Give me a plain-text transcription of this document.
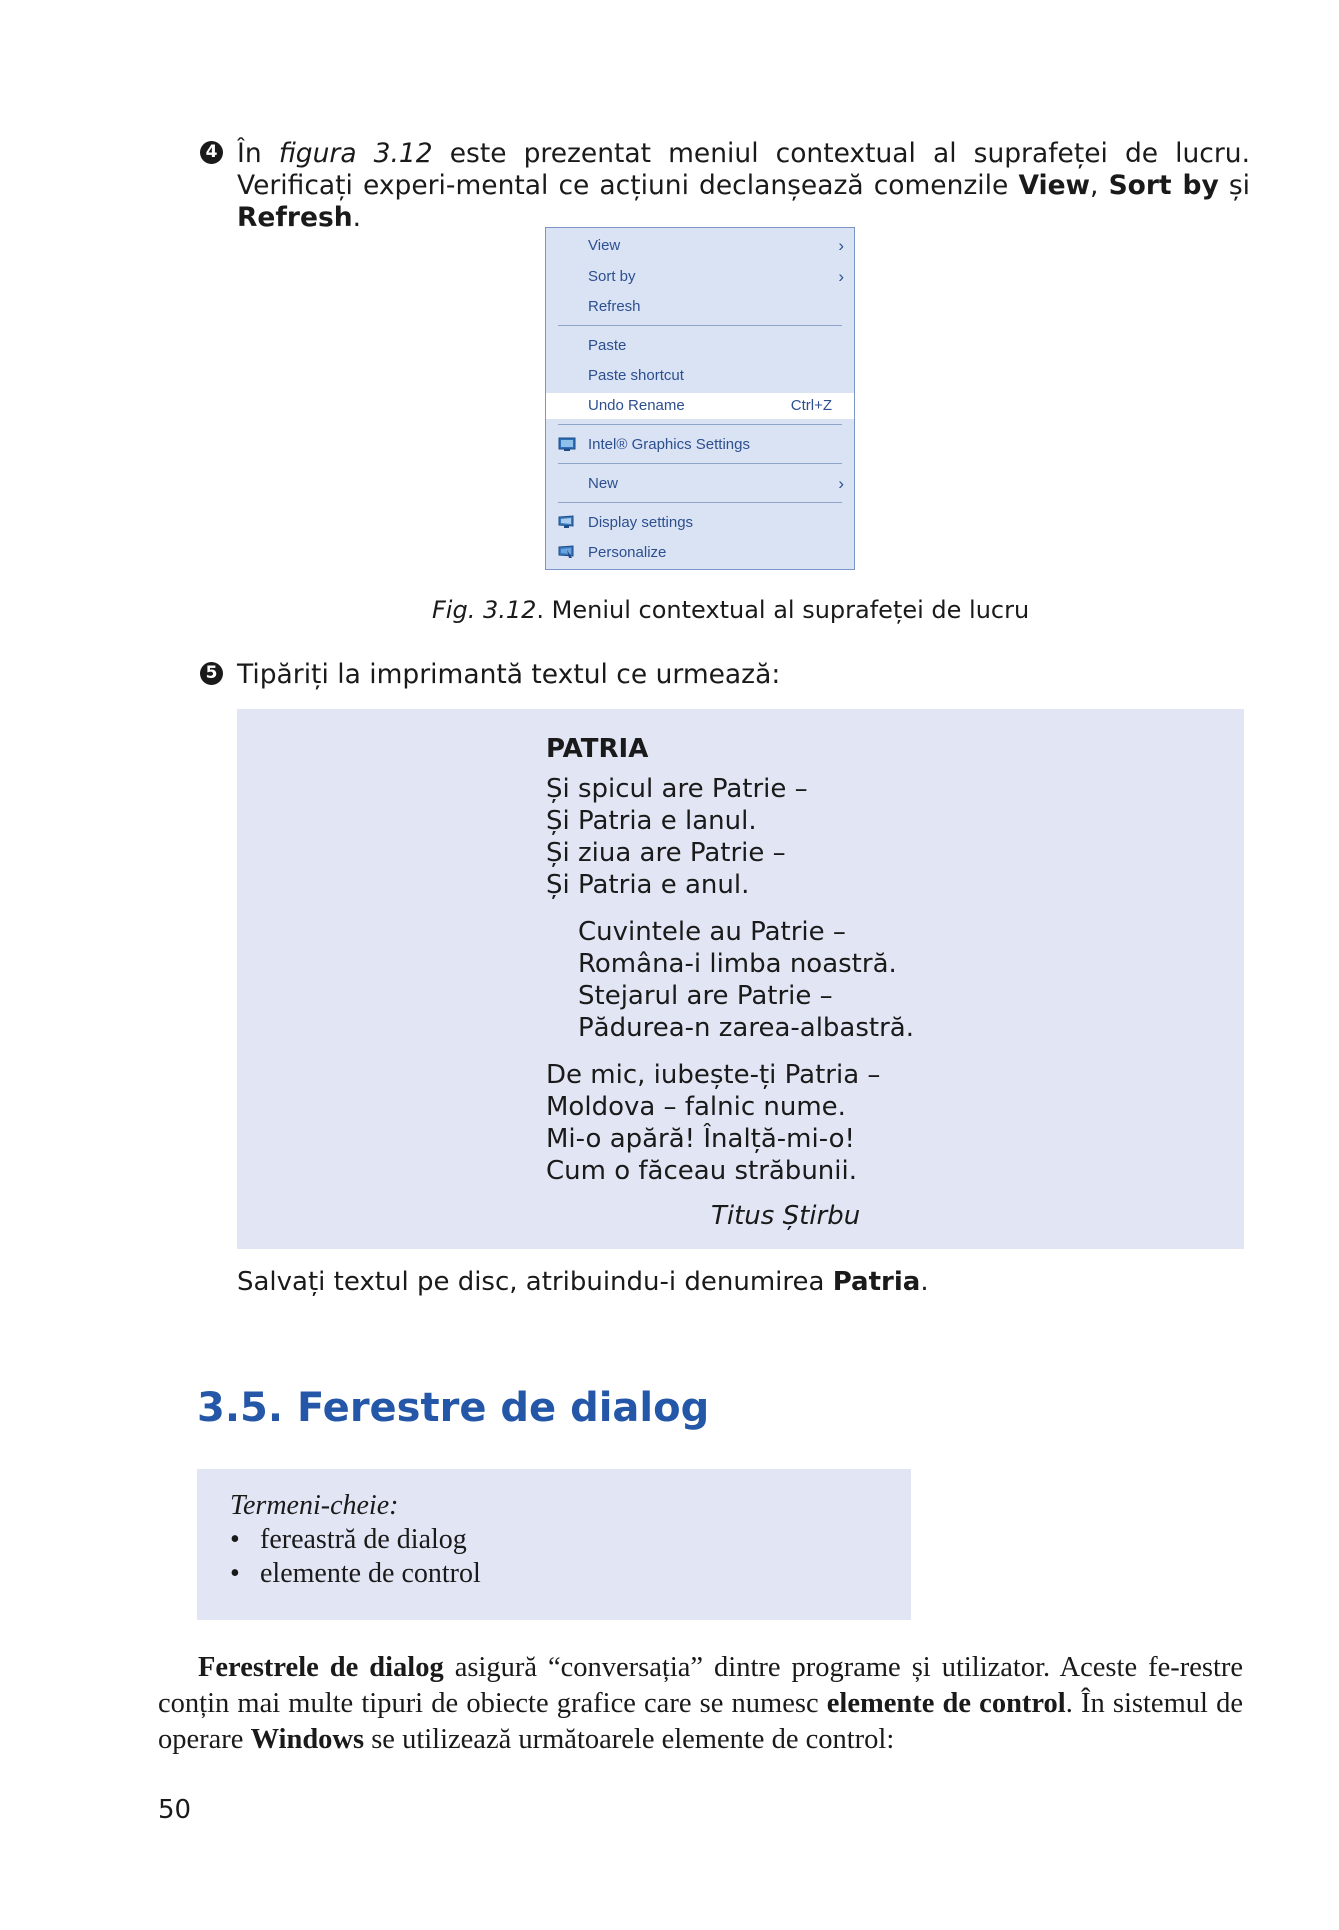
4 În figura 3.12 este prezentat meniul contextual al suprafeței de lucru. Verificați experi-mental ce acțiuni declanșează comenzile View, Sort by și Refresh.
View	›
Sort by	›
Refresh
Paste
Paste shortcut
Undo Rename	Ctrl+Z
Intel® Graphics Settings
New	›
Display settings
Personalize
Fig. 3.12. Meniul contextual al suprafeței de lucru
5 Tipăriți la imprimantă textul ce urmează:
PATRIA
Și spicul are Patrie –
Și Patria e lanul.
Și ziua are Patrie –
Și Patria e anul.
Cuvintele au Patrie –
Româna-i limba noastră.
Stejarul are Patrie –
Pădurea-n zarea-albastră.
De mic, iubește-ți Patria –
Moldova – falnic nume.
Mi-o apără! Înalță-mi-o!
Cum o făceau străbunii.
Titus Știrbu
Salvați textul pe disc, atribuindu-i denumirea Patria.
3.5. Ferestre de dialog
Termeni-cheie:
• fereastră de dialog
• elemente de control
Ferestrele de dialog asigură “conversația” dintre programe și utilizator. Aceste fe-restre conțin mai multe tipuri de obiecte grafice care se numesc elemente de control. În sistemul de operare Windows se utilizează următoarele elemente de control:
50
